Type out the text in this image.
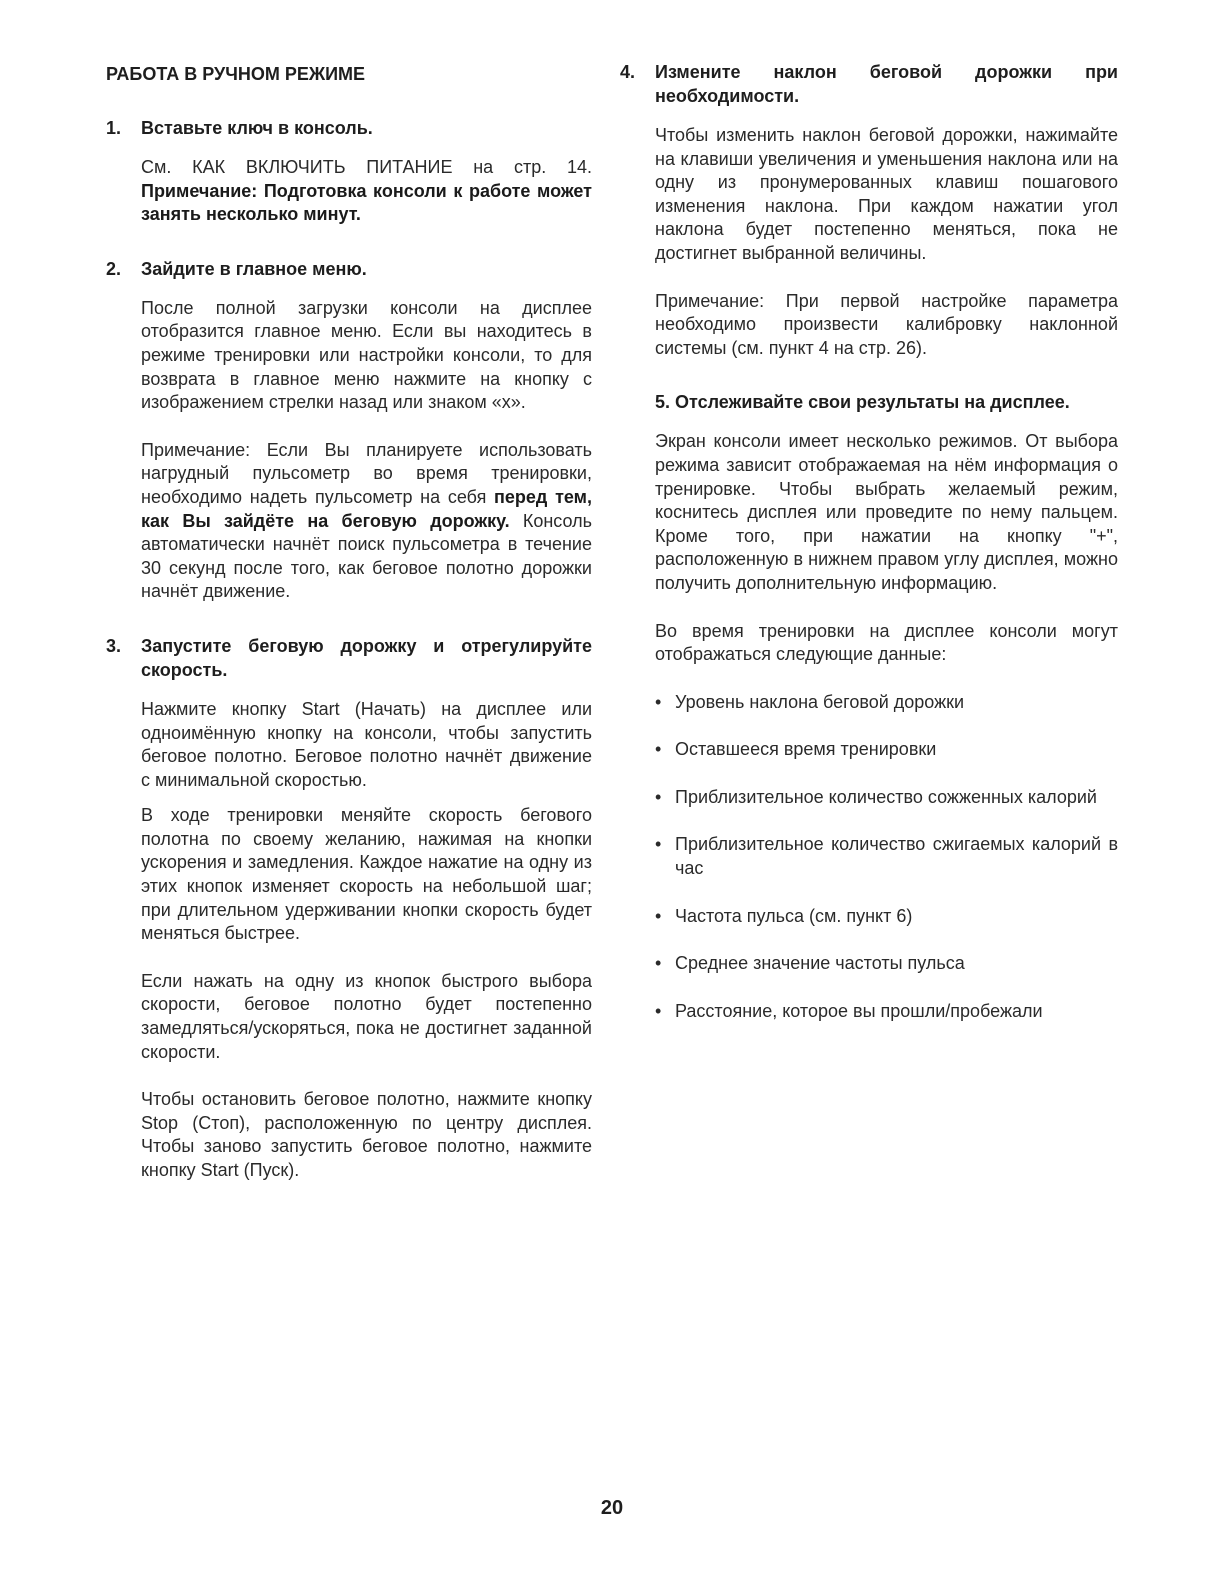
РАБОТА В РУЧНОМ РЕЖИМЕ
1. Вставьте ключ в консоль.

См. КАК ВКЛЮЧИТЬ ПИТАНИЕ на стр. 14. Примечание: Подготовка консоли к работе может занять несколько минут.

2. Зайдите в главное меню.

После полной загрузки консоли на дисплее отобразится главное меню. Если вы находитесь в режиме тренировки или настройки консоли, то для возврата в главное меню нажмите на кнопку с изображением стрелки назад или знаком «x».

Примечание: Если Вы планируете использовать нагрудный пульсометр во время тренировки, необходимо надеть пульсометр на себя перед тем, как Вы зайдёте на беговую дорожку. Консоль автоматически начнёт поиск пульсометра в течение 30 секунд после того, как беговое полотно дорожки начнёт движение.

3. Запустите беговую дорожку и отрегулируйте скорость.

Нажмите кнопку Start (Начать) на дисплее или одноимённую кнопку на консоли, чтобы запустить беговое полотно. Беговое полотно начнёт движение с минимальной скоростью.

В ходе тренировки меняйте скорость бегового полотна по своему желанию, нажимая на кнопки ускорения и замедления. Каждое нажатие на одну из этих кнопок изменяет скорость на небольшой шаг; при длительном удерживании кнопки скорость будет меняться быстрее.

Если нажать на одну из кнопок быстрого выбора скорости, беговое полотно будет постепенно замедляться/ускоряться, пока не достигнет заданной скорости.

Чтобы остановить беговое полотно, нажмите кнопку Stop (Стоп), расположенную по центру дисплея. Чтобы заново запустить беговое полотно, нажмите кнопку Start (Пуск).

4. Измените наклон беговой дорожки при необходимости.

Чтобы изменить наклон беговой дорожки, нажимайте на клавиши увеличения и уменьшения наклона или на одну из пронумерованных клавиш пошагового изменения наклона. При каждом нажатии угол наклона будет постепенно меняться, пока не достигнет выбранной величины.

Примечание: При первой настройке параметра необходимо произвести калибровку наклонной системы (см. пункт 4 на стр. 26).

5. Отслеживайте свои результаты на дисплее.

Экран консоли имеет несколько режимов. От выбора режима зависит отображаемая на нём информация о тренировке. Чтобы выбрать желаемый режим, коснитесь дисплея или проведите по нему пальцем. Кроме того, при нажатии на кнопку "+", расположенную в нижнем правом углу дисплея, можно получить дополнительную информацию.

Во время тренировки на дисплее консоли могут отображаться следующие данные:

• Уровень наклона беговой дорожки
• Оставшееся время тренировки
• Приблизительное количество сожженных калорий
• Приблизительное количество сжигаемых калорий в час
• Частота пульса (см. пункт 6)
• Среднее значение частоты пульса
• Расстояние, которое вы прошли/пробежали
20
